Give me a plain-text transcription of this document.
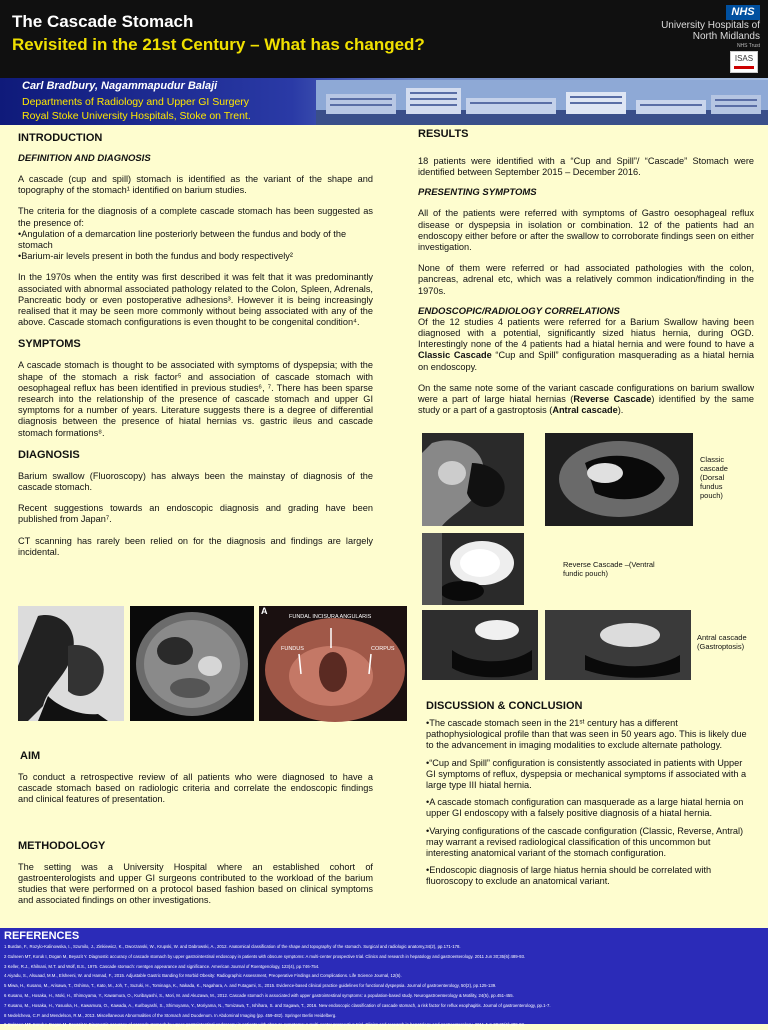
The Cascade Stomach
Revisited in the 21st Century – What has changed?
NHS
University Hospitals of North Midlands
NHS Trust
ISAS
Carl Bradbury, Nagammapudur Balaji
Departments of Radiology and Upper GI Surgery
Royal Stoke University Hospitals, Stoke on Trent.
INTRODUCTION
DEFINITION AND DIAGNOSIS
A cascade (cup and spill) stomach is identified as the variant of the shape and topography of the stomach¹ identified on barium studies.
The criteria for the diagnosis of a complete cascade stomach has been suggested as the presence of:
•Angulation of a demarcation line posteriorly between the fundus and body of the stomach
•Barium-air levels present in both the fundus and body respectively²
In the 1970s when the entity was first described it was felt that it was predominantly associated with abnormal associated pathology related to the Colon, Spleen, Adrenals, Pancreatic body or even postoperative adhesions³. However it is being increasingly realised that it may be seen more commonly without being associated with any of the above. Cascade stomach configurations is even thought to be congenital condition⁴.
SYMPTOMS
A cascade stomach is thought to be associated with symptoms of dyspepsia; with the shape of the stomach a risk factor⁵ and association of cascade stomach with oesophageal reflux has been identified in previous studies⁶, ⁷. There has been sparse research into the relationship of the presence of cascade stomach and upper GI symptoms for a number of years. Literature suggests there is a degree of differential diagnosis between the presence of hiatal hernias vs. gastric ileus and cascade stomach formations⁸.
DIAGNOSIS
Barium swallow (Fluoroscopy) has always been the mainstay of diagnosis of the cascade stomach.
Recent suggestions towards an endoscopic diagnosis and grading have been published from Japan⁷.
CT scanning has rarely been relied on for the diagnosis and findings are largely incidental.
A
FUNDAL INCISURA ANGULARIS
FUNDUS	CORPUS
AIM
To conduct a retrospective review of all patients who were diagnosed to have a cascade stomach based on radiologic criteria and correlate the endoscopic findings and clinical features of presentation.
METHODOLOGY
The setting was a University Hospital where an established cohort of gastroenterologists and upper GI surgeons contributed to the workload of the barium studies that were performed on a protocol based fashion based on clinical symptoms and associated findings on other investigations.
RESULTS
18 patients were identified with a “Cup and Spill”/ “Cascade” Stomach were identified between September 2015 – December 2016.
PRESENTING SYMPTOMS
All of the patients were referred with symptoms of Gastro oesophageal reflux disease or dyspepsia in isolation or combination. 12 of the patients had an endoscopy either before or after the swallow to corroborate findings seen on either investigation.
None of them were referred or had associated pathologies with the colon, pancreas, adrenal etc, which was a relatively common indication/finding in the 1970s.
ENDOSCOPIC/RADIOLOGY CORRELATIONS
Of the 12 studies 4 patients were referred for a Barium Swallow having been diagnosed with a potential, significantly sized hiatus hernia, during OGD. Interestingly none of the 4 patients had a hiatal hernia and were found to have a Classic Cascade “Cup and Spill” configuration masquerading as a hiatal hernia on endoscopy.
On the same note some of the variant cascade configurations on barium swallow were a part of large hiatal hernias (Reverse Cascade) identified by the same study or a part of a gastroptosis (Antral cascade).
Classic cascade (Dorsal fundus pouch)
Reverse Cascade –(Ventral fundic pouch)
Antral cascade (Gastroptosis)
DISCUSSION & CONCLUSION
•The cascade stomach seen in the 21ˢᵗ century has a different pathophysiological profile than that was seen in 50 years ago. This is likely due to the advancement in imaging modalities to exclude alternate pathology.
•“Cup and Spill” configuration is consistently associated in patients with Upper GI symptoms of reflux, dyspepsia or mechanical symptoms if associated with a large type III hiatal hernia.
•A cascade stomach configuration can masquerade as a large hiatal hernia on upper GI endoscopy with a falsely positive diagnosis of a hiatal hernia.
•Varying configurations of the cascade configuration (Classic, Reverse, Antral) may warrant a revised radiological classification of this uncommon but interesting anatomical variant of the stomach configuration.
•Endoscopic diagnosis of large hiatus hernia should be correlated with fluoroscopy to exclude an anatomical variant.
REFERENCES
1 Burdan, F., Rozylo-Kalinowska, I., Szumilo, J., Zinkiewicz, K., Dworzanski, W., Krupski, W. and Dabrowski, A., 2012. Anatomical classification of the shape and topography of the stomach. Surgical and radiologic anatomy,34(2), pp.171-178.
2 Gulseen MT, Koruk I, Dogan M, Beyazit Y. Diagnostic accuracy of cascade stomach by upper gastrointestinal endoscopy in patients with obscure symptoms: A multi-center prospective trial. Clinics and research in hepatology and gastroenterology. 2011 Jun 30;35(6):489-93.
3 Keller, R.J., Khilnani, M.T. and Wolf, B.S., 1975. Cascade stomach: roentgen appearance and significance. American Journal of Roentgenology, 123(4), pp.746-754.
4 Aiyadu, S., Alsuaad, M.M., Elsheeni, W. and Hamad, F., 2015. Adjustable Gastric Banding for Morbid Obesity: Radiographic Assessment, Preoperative Findings and Complications. Life Science Journal, 12(6).
5 Miwa, H., Kusano, M., Arisawa, T., Oshima, T., Kato, M., Joh, T., Suzuki, H., Tominaga, K., Nakada, K., Nagahara, A. and Futagami, S., 2015. Evidence-based clinical practice guidelines for functional dyspepsia. Journal of gastroenterology, 50(2), pp.125-139.
6 Kusano, M., Hosaka, H., Moki, H., Shimoyama, Y., Kawamura, O., Kuribayashi, S., Mori, M. and Akuzawa, M., 2012. Cascade stomach is associated with upper gastrointestinal symptoms: a population-based study. Neurogastroenterology & Motility, 24(5), pp.451-455.
7 Kusano, M., Hosaka, H., Yasuoka, H., Kawamura, O., Kawada, A., Kuribayashi, S., Shimoyama, Y., Moriyama, N., Tomizawa, T., Ishihara, S. and Sagawa, T., 2016. New endoscopic classification of cascade stomach, a risk factor for reflux esophagitis. Journal of gastroenterology, pp.1-7.
8 Nedelcheva, C.P. and Mendelson, R.M., 2013. Miscellaneous Abnormalities of the Stomach and Duodenum. In Abdominal Imaging (pp. 459-482). Springer Berlin Heidelberg.
9 Gulseen MT, Koruk I, Dogan M, Beyazit Y. Diagnostic accuracy of cascade stomach by upper gastrointestinal endoscopy in patients with obscure symptoms: A multi-center prospective trial. Clinics and research in hepatology and gastroenterology. 2011 Jun 30;35(6):489-93.
